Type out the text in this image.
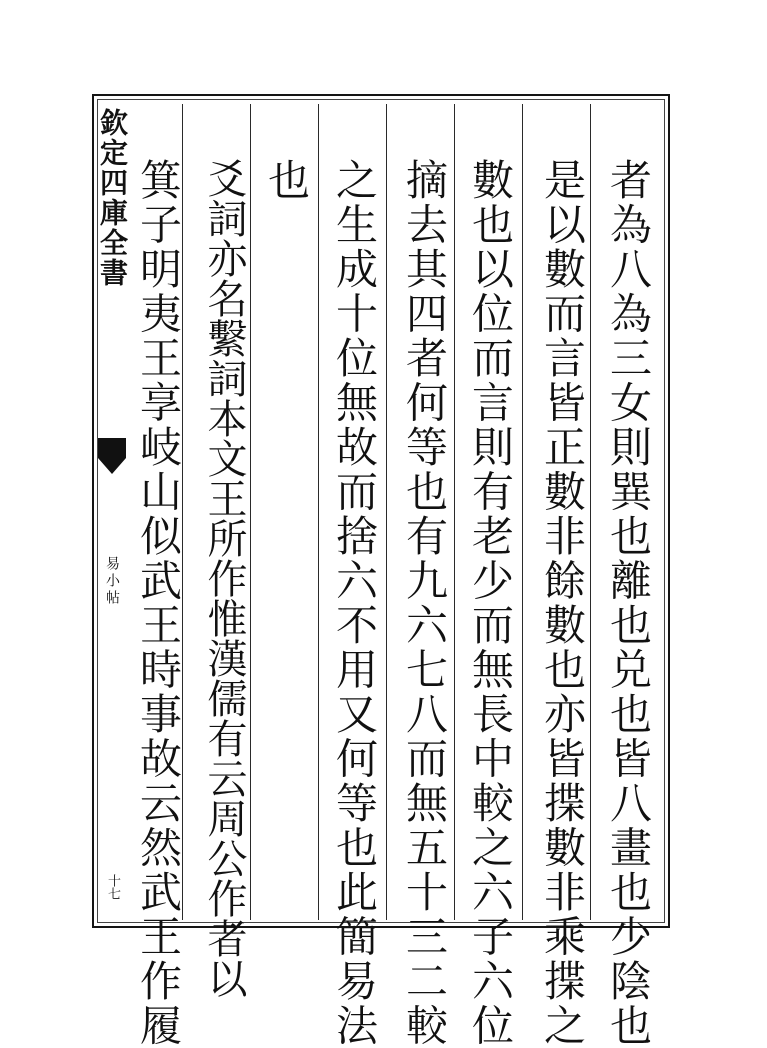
欽定四庫全書
易小帖
十七	者為八為三女則巽也離也兑也皆八畫也少陰也
是以數而言皆正數非餘數也亦皆揲數非乘揲之
數也以位而言則有老少而無長中較之六子六位
摘去其四者何等也有九六七八而無五十三二較
之生成十位無故而捨六不用又何等也此簡易法
也
爻詞亦名繫詞本文王所作惟漢儒有云周公作者以
箕子明夷王享岐山似武王時事故云然武王作履
